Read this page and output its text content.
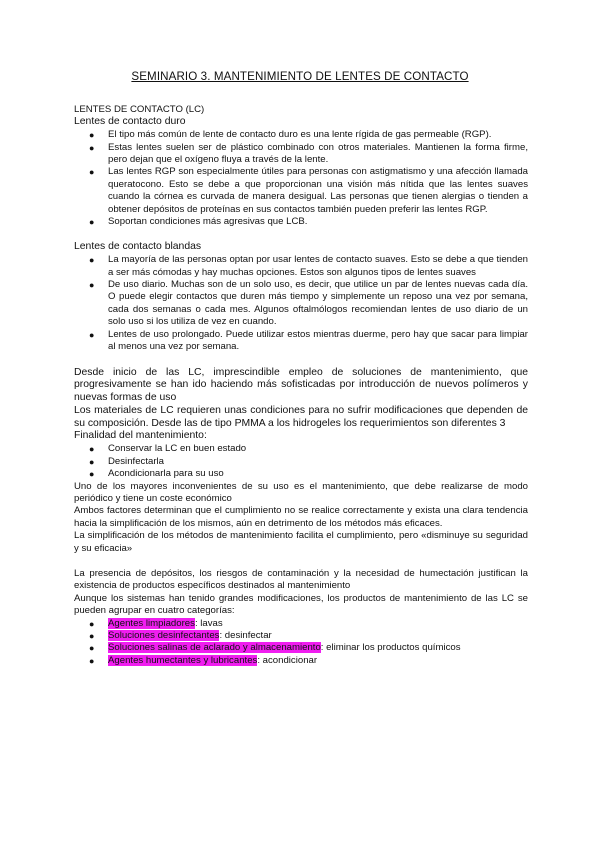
SEMINARIO 3. MANTENIMIENTO DE LENTES DE CONTACTO
LENTES DE CONTACTO (LC)
Lentes de contacto duro
● El tipo más común de lente de contacto duro es una lente rígida de gas permeable (RGP).
● Estas lentes suelen ser de plástico combinado con otros materiales. Mantienen la forma firme, pero dejan que el oxígeno fluya a través de la lente.
● Las lentes RGP son especialmente útiles para personas con astigmatismo y una afección llamada queratocono. Esto se debe a que proporcionan una visión más nítida que las lentes suaves cuando la córnea es curvada de manera desigual. Las personas que tienen alergias o tienden a obtener depósitos de proteínas en sus contactos también pueden preferir las lentes RGP.
● Soportan condiciones más agresivas que LCB.
Lentes de contacto blandas
● La mayoría de las personas optan por usar lentes de contacto suaves. Esto se debe a que tienden a ser más cómodas y hay muchas opciones. Estos son algunos tipos de lentes suaves
● De uso diario. Muchas son de un solo uso, es decir, que utilice un par de lentes nuevas cada día. O puede elegir contactos que duren más tiempo y simplemente un reposo una vez por semana, cada dos semanas o cada mes. Algunos oftalmólogos recomiendan lentes de uso diario de un solo uso si los utiliza de vez en cuando.
● Lentes de uso prolongado. Puede utilizar estos mientras duerme, pero hay que sacar para limpiar al menos una vez por semana.

Desde inicio de las LC, imprescindible empleo de soluciones de mantenimiento, que progresivamente se han ido haciendo más sofisticadas por introducción de nuevos polímeros y nuevas formas de uso

Los materiales de LC requieren unas condiciones para no sufrir modificaciones que dependen de su composición. Desde las de tipo PMMA a los hidrogeles los requerimientos son diferentes 3

Finalidad del mantenimiento:
● Conservar la LC en buen estado
● Desinfectarla
● Acondicionarla para su uso

Uno de los mayores inconvenientes de su uso es el mantenimiento, que debe realizarse de modo periódico y tiene un coste económico

Ambos factores determinan que el cumplimiento no se realice correctamente y exista una clara tendencia hacia la simplificación de los mismos, aún en detrimento de los métodos más eficaces.

La simplificación de los métodos de mantenimiento facilita el cumplimiento, pero «disminuye su seguridad y su eficacia»

La presencia de depósitos, los riesgos de contaminación y la necesidad de humectación justifican la existencia de productos específicos destinados al mantenimiento

Aunque los sistemas han tenido grandes modificaciones, los productos de mantenimiento de las LC se pueden agrupar en cuatro categorías:

● Agentes limpiadores: lavas
● Soluciones desinfectantes: desinfectar
● Soluciones salinas de aclarado y almacenamiento: eliminar los productos químicos
● Agentes humectantes y lubricantes: acondicionar
